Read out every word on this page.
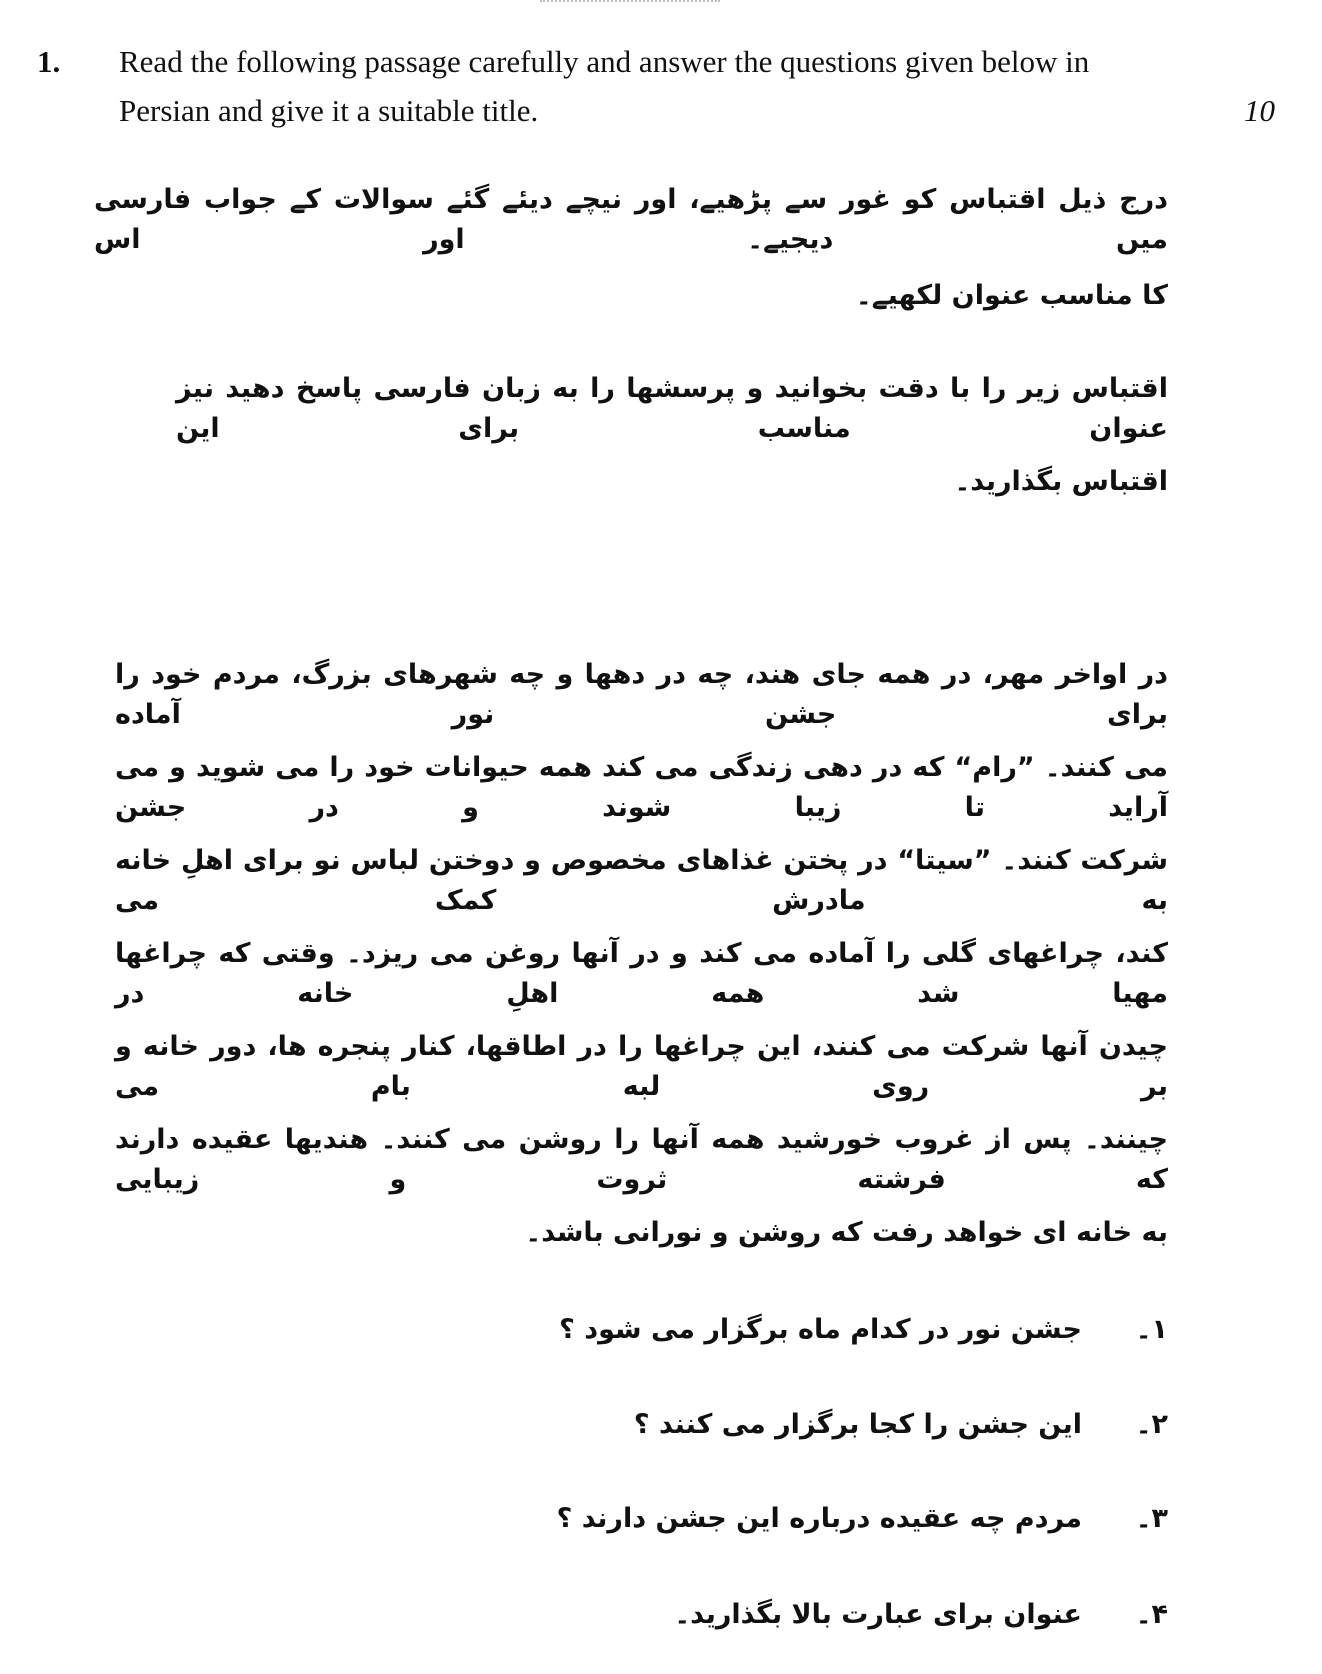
1. Read the following passage carefully and answer the questions given below in
Persian and give it a suitable title.	10
درج ذیل اقتباس کو غور سے پڑھیے، اور نیچے دیئے گئے سوالات کے جواب فارسی میں دیجیے۔ اور اس
کا مناسب عنوان لکھیے۔
اقتباس زیر را با دقت بخوانید و پرسشها را به زبان فارسی پاسخ دهید نیز عنوان مناسب برای این
اقتباس بگذارید۔
در اواخر مهر، در همه جای هند، چه در دهها و چه شهرهای بزرگ، مردم خود را برای جشن نور آماده
می کنند۔ ”رام“ که در دهی زندگی می کند همه حیوانات خود را می شوید و می آراید تا زیبا شوند و در جشن
شرکت کنند۔ ”سیتا“ در پختن غذاهای مخصوص و دوختن لباس نو برای اهلِ خانه به مادرش کمک می
کند، چراغهای گلی را آماده می کند و در آنها روغن می ریزد۔ وقتی که چراغها مهیا شد همه اهلِ خانه در
چیدن آنها شرکت می کنند، این چراغها را در اطاقها، کنار پنجره ها، دور خانه و بر روی لبه بام می
چینند۔ پس از غروب خورشید همه آنها را روشن می کنند۔ هندیها عقیده دارند که فرشته ثروت و زیبایی
به خانه ای خواهد رفت که روشن و نورانی باشد۔
۱۔
جشن نور در کدام ماه برگزار می شود ؟
۲۔
این جشن را کجا برگزار می کنند ؟
۳۔
مردم چه عقیده درباره این جشن دارند ؟
۴۔
عنوان برای عبارت بالا بگذارید۔
